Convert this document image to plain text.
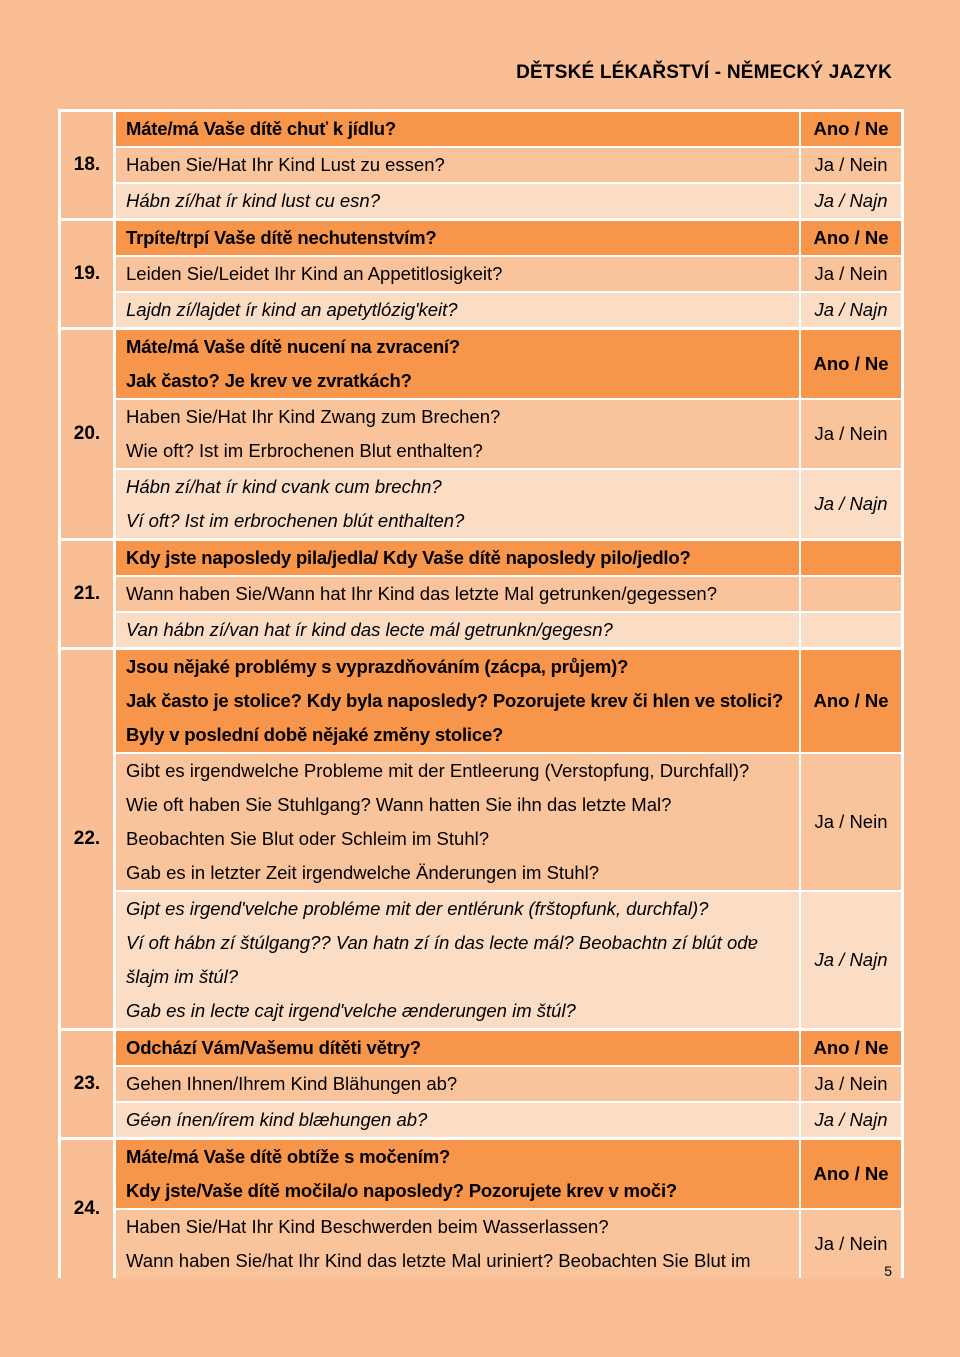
DĚTSKÉ LÉKAŘSTVÍ - NĚMECKÝ JAZYK
18.
Máte/má Vaše dítě chuť k jídlu?	Ano / Ne
Haben Sie/Hat Ihr Kind Lust zu essen?	Ja / Nein
Hábn zí/hat ír kind lust cu esn?	Ja / Najn
19.
Trpíte/trpí Vaše dítě nechutenstvím?	Ano / Ne
Leiden Sie/Leidet Ihr Kind an Appetitlosigkeit?	Ja / Nein
Lajdn zí/lajdet ír kind an apetytlózig'keit?	Ja / Najn
20.
Máte/má Vaše dítě nucení na zvracení?
Jak často? Je krev ve zvratkách?
Ano / Ne
Haben Sie/Hat Ihr Kind Zwang zum Brechen?
Wie oft? Ist im Erbrochenen Blut enthalten?
Ja / Nein
Hábn zí/hat ír kind cvank cum brechn?
Ví oft? Ist im erbrochenen blút enthalten?
Ja / Najn
21.
Kdy jste naposledy pila/jedla/ Kdy Vaše dítě naposledy pilo/jedlo?
Wann haben Sie/Wann hat Ihr Kind das letzte Mal getrunken/gegessen?
Van hábn zí/van hat ír kind das lecte mál getrunkn/gegesn?
22.
Jsou nějaké problémy s vyprazdňováním (zácpa, průjem)?
Jak často je stolice? Kdy byla naposledy? Pozorujete krev či hlen ve stolici?
Byly v poslední době nějaké změny stolice?
Ano / Ne
Gibt es irgendwelche Probleme mit der Entleerung (Verstopfung, Durchfall)?
Wie oft haben Sie Stuhlgang? Wann hatten Sie ihn das letzte Mal?
Beobachten Sie Blut oder Schleim im Stuhl?
Gab es in letzter Zeit irgendwelche Änderungen im Stuhl?
Ja / Nein
Gipt es irgend'velche probléme mit der entlérunk (frštopfunk, durchfal)?
Ví oft hábn zí štúlgang?? Van hatn zí ín das lecte mál? Beobachtn zí blút odɐ
šlajm im štúl?
Gab es in lectɐ cajt irgend'velche ænderungen im štúl?
Ja / Najn
23.
Odchází Vám/Vašemu dítěti větry?	Ano / Ne
Gehen Ihnen/Ihrem Kind Blähungen ab?	Ja / Nein
Géən ínen/írem kind blæhungen ab?	Ja / Najn
24.
Máte/má Vaše dítě obtíže s močením?
Kdy jste/Vaše dítě močila/o naposledy? Pozorujete krev v moči?
Ano / Ne
Haben Sie/Hat Ihr Kind Beschwerden beim Wasserlassen?
Wann haben Sie/hat Ihr Kind das letzte Mal uriniert? Beobachten Sie Blut im
Ja / Nein
5
